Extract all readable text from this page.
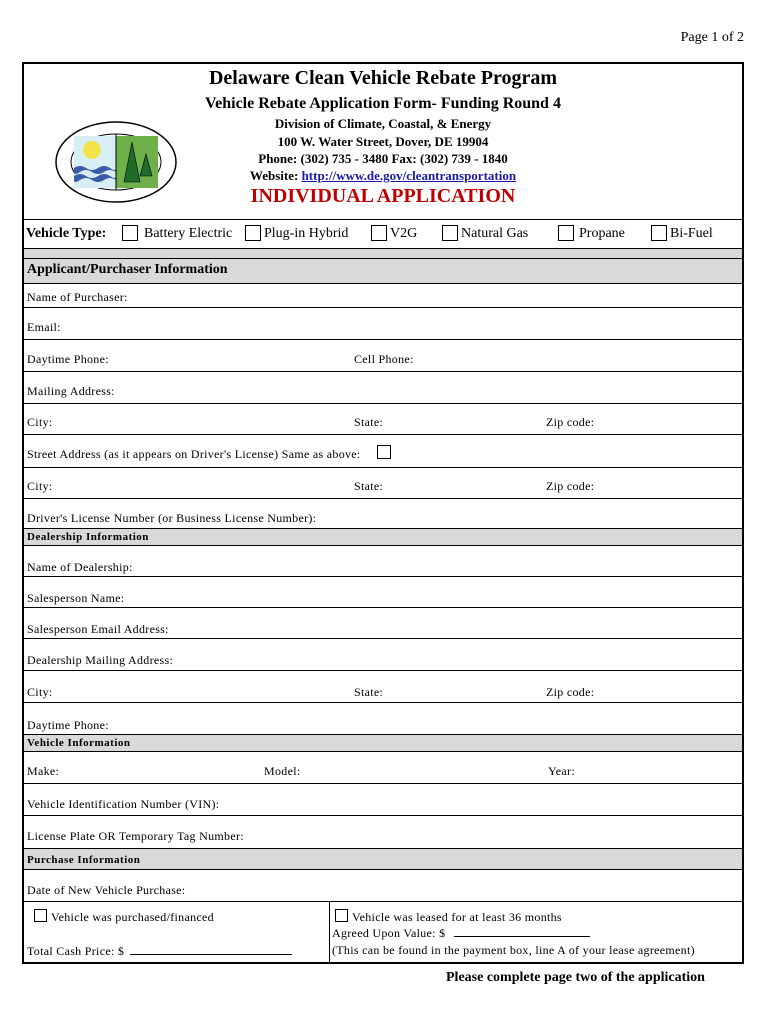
Page 1 of 2
Delaware Clean Vehicle Rebate Program
Vehicle Rebate Application Form- Funding Round 4
Division of Climate, Coastal, & Energy
100 W. Water Street, Dover, DE 19904
Phone: (302) 735 - 3480 Fax: (302) 739 - 1840
Website: http://www.de.gov/cleantransportation
INDIVIDUAL APPLICATION
Vehicle Type:	Battery Electric Plug-in Hybrid	V2G	Natural Gas	Propane	Bi-Fuel
Applicant/Purchaser Information
Name of Purchaser:
Email:
Daytime Phone:	Cell Phone:
Mailing Address:
City:	State:	Zip code:
Street Address (as it appears on Driver's License) Same as above:
City:	State:	Zip code:
Driver's License Number (or Business License Number):
Dealership Information
Name of Dealership:
Salesperson Name:
Salesperson Email Address:
Dealership Mailing Address:
City:	State:	Zip code:
Daytime Phone:
Vehicle Information
Make:	Model:	Year:
Vehicle Identification Number (VIN):
License Plate OR Temporary Tag Number:
Purchase Information
Date of New Vehicle Purchase:
Vehicle was purchased/financed
Total Cash Price: $
Vehicle was leased for at least 36 months
Agreed Upon Value: $
(This can be found in the payment box, line A of your lease agreement)
Please complete page two of the application
